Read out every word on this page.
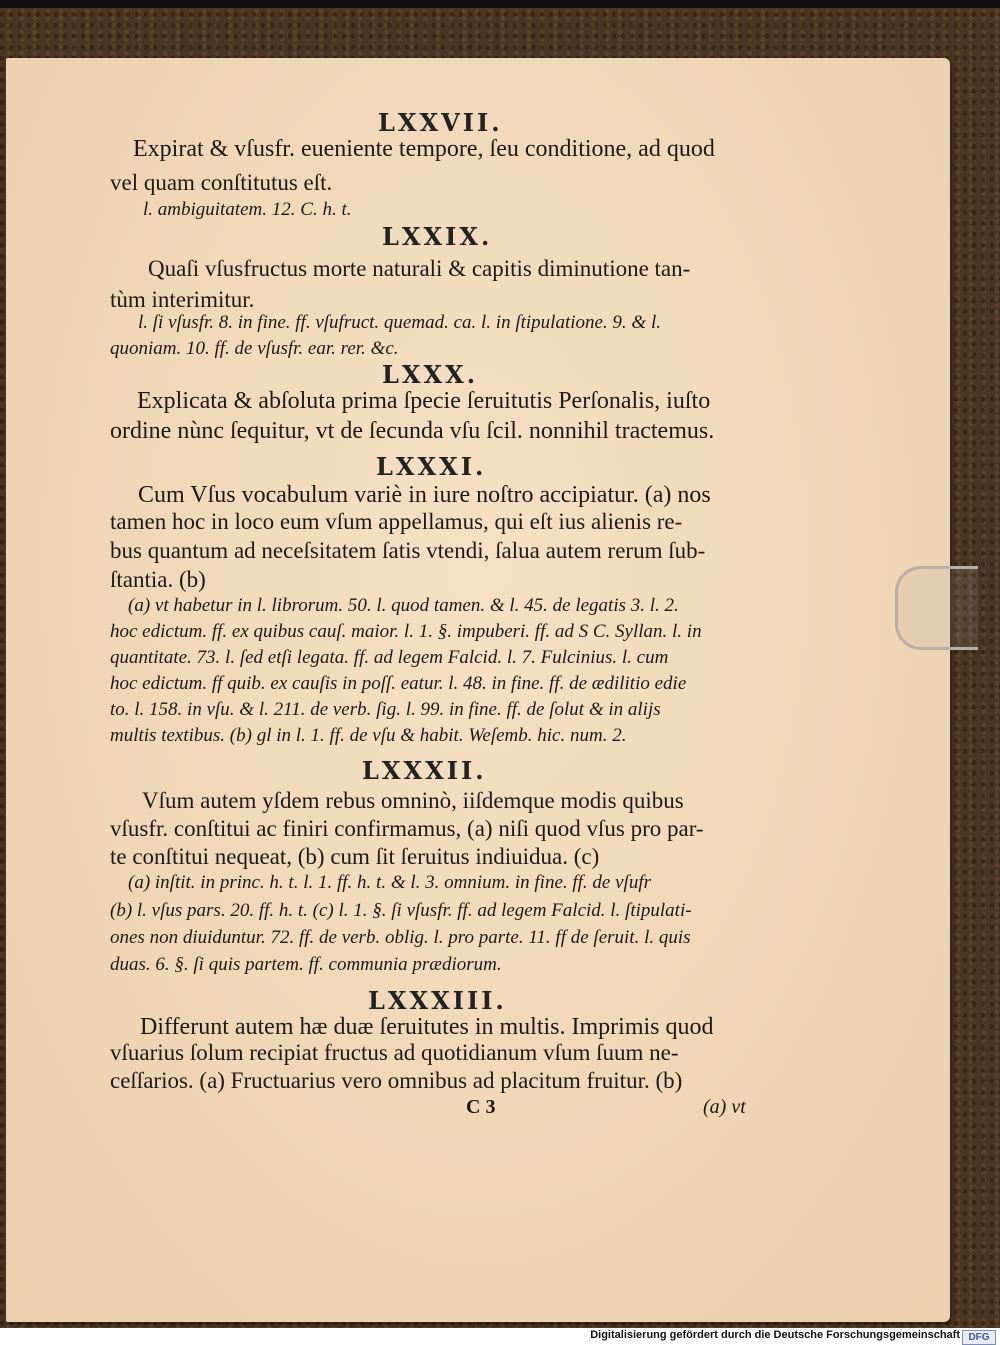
LXXVII.
Expirat & vſusfr. eueniente tempore, ſeu conditione, ad quod
vel quam conſtitutus eſt.
l. ambiguitatem. 12. C. h. t.
LXXIX.
Quaſi vſusfructus morte naturali & capitis diminutione tan-
tùm interimitur.
l. ſi vſusfr. 8. in fine. ff. vſufruct. quemad. ca. l. in ſtipulatione. 9. & l.
quoniam. 10. ff. de vſusfr. ear. rer. &c.
LXXX.
Explicata & abſoluta prima ſpecie ſeruitutis Perſonalis, iuſto
ordine nùnc ſequitur, vt de ſecunda vſu ſcil. nonnihil tractemus.
LXXXI.
Cum Vſus vocabulum variè in iure noſtro accipiatur. (a) nos
tamen hoc in loco eum vſum appellamus, qui eſt ius alienis re-
bus quantum ad neceſsitatem ſatis vtendi, ſalua autem rerum ſub-
ſtantia. (b)
(a) vt habetur in l. librorum. 50. l. quod tamen. & l. 45. de legatis 3. l. 2.
hoc edictum. ff. ex quibus cauſ. maior. l. 1. §. impuberi. ff. ad S C. Syllan. l. in
quantitate. 73. l. ſed etſi legata. ff. ad legem Falcid. l. 7. Fulcinius. l. cum
hoc edictum. ff quib. ex cauſis in poſſ. eatur. l. 48. in fine. ff. de ædilitio edie
to. l. 158. in vſu. & l. 211. de verb. ſig. l. 99. in fine. ff. de ſolut & in alijs
multis textibus. (b) gl in l. 1. ff. de vſu & habit. Weſemb. hic. num. 2.
LXXXII.
Vſum autem yſdem rebus omninò, iiſdemque modis quibus
vſusfr. conſtitui ac finiri confirmamus, (a) niſi quod vſus pro par-
te conſtitui nequeat, (b) cum ſit ſeruitus indiuidua. (c)
(a) inſtit. in princ. h. t. l. 1. ff. h. t. & l. 3. omnium. in fine. ff. de vſufr
(b) l. vſus pars. 20. ff. h. t. (c) l. 1. §. ſi vſusfr. ff. ad legem Falcid. l. ſtipulati-
ones non diuiduntur. 72. ff. de verb. oblig. l. pro parte. 11. ff de ſeruit. l. quis
duas. 6. §. ſi quis partem. ff. communia prædiorum.
LXXXIII.
Differunt autem hæ duæ ſeruitutes in multis. Imprimis quod
vſuarius ſolum recipiat fructus ad quotidianum vſum ſuum ne-
ceſſarios. (a) Fructuarius vero omnibus ad placitum fruitur. (b)
C 3	(a) vt
Digitalisierung gefördert durch die Deutsche Forschungsgemeinschaft DFG
